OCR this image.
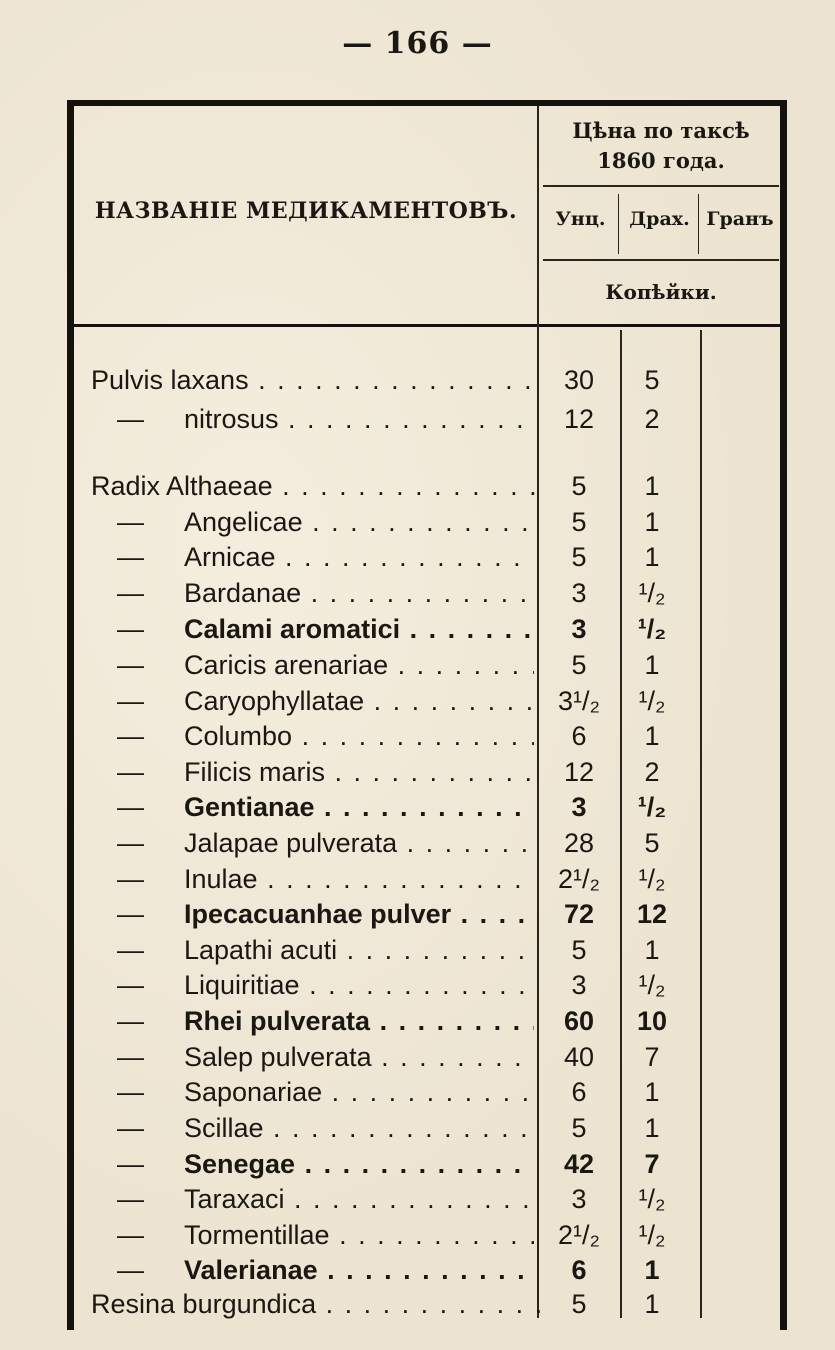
— 166 —
НАЗВАНІЕ МЕДИКАМЕНТОВЪ.
Цѣна по таксѣ
1860 года.
Унц.	Драх. Гранъ
Копѣйки.
Pulvis laxans . . .	30	5
— nitrosus . . .	12	2
Radix Althaeae . . .	5	1
— Angelicae . . .	5	1
— Arnicae . . .	5	1
— Bardanae . . .	3	¹/₂
— Calami aromatici . . .	3	¹/₂
— Caricis arenariae . . .	5	1
— Caryophyllatae . . .	3¹/₂	¹/₂
— Columbo . . .	6	1
— Filicis maris . . .	12	2
— Gentianae . . .	3	¹/₂
— Jalapae pulverata . . .	28	5
— Inulae . . .	2¹/₂	¹/₂
— Ipecacuanhae pulver . . .	72	12
— Lapathi acuti . . .	5	1
— Liquiritiae . . .	3	¹/₂
— Rhei pulverata . . .	60	10
— Salep pulverata . . .	40	7
— Saponariae . . .	6	1
— Scillae . . .	5	1
— Senegae . . .	42	7
— Taraxaci . . .	3	¹/₂
— Tormentillae . . .	2¹/₂	¹/₂
— Valerianae . . .	6	1
Resina burgundica . . .	5	1
